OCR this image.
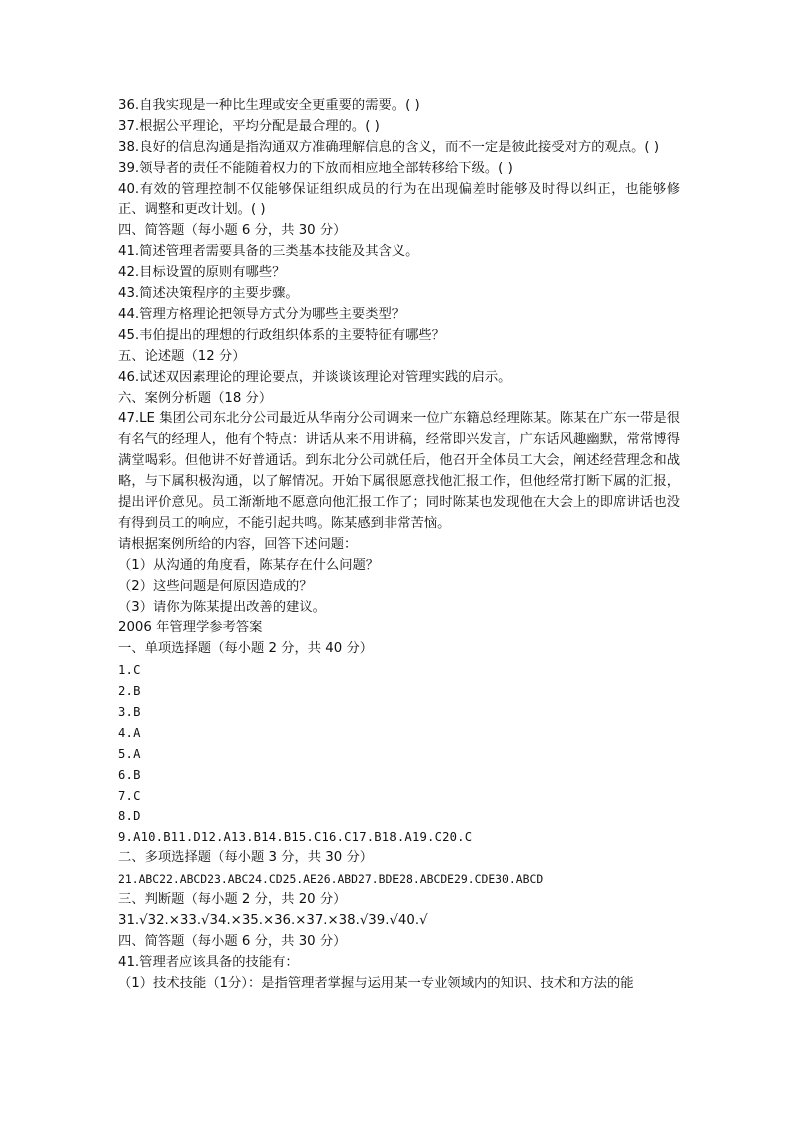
36.自我实现是一种比生理或安全更重要的需要。( )
37.根据公平理论，平均分配是最合理的。( )
38.良好的信息沟通是指沟通双方准确理解信息的含义，而不一定是彼此接受对方的观点。( )
39.领导者的责任不能随着权力的下放而相应地全部转移给下级。( )
40.有效的管理控制不仅能够保证组织成员的行为在出现偏差时能够及时得以纠正，也能够修正、调整和更改计划。( )
四、简答题（每小题 6 分，共 30 分）
41.简述管理者需要具备的三类基本技能及其含义。
42.目标设置的原则有哪些？
43.简述决策程序的主要步骤。
44.管理方格理论把领导方式分为哪些主要类型？
45.韦伯提出的理想的行政组织体系的主要特征有哪些？
五、论述题（12 分）
46.试述双因素理论的理论要点，并谈谈该理论对管理实践的启示。
六、案例分析题（18 分）
47.LE 集团公司东北分公司最近从华南分公司调来一位广东籍总经理陈某。陈某在广东一带是很有名气的经理人，他有个特点：讲话从来不用讲稿，经常即兴发言，广东话风趣幽默，常常博得满堂喝彩。但他讲不好普通话。到东北分公司就任后，他召开全体员工大会，阐述经营理念和战略，与下属积极沟通，以了解情况。开始下属很愿意找他汇报工作，但他经常打断下属的汇报，提出评价意见。员工渐渐地不愿意向他汇报工作了；同时陈某也发现他在大会上的即席讲话也没有得到员工的响应，不能引起共鸣。陈某感到非常苦恼。
请根据案例所给的内容，回答下述问题：
（1）从沟通的角度看，陈某存在什么问题？
（2）这些问题是何原因造成的？
（3）请你为陈某提出改善的建议。
2006 年管理学参考答案
一、单项选择题（每小题 2 分，共 40 分）
1.C
2.B
3.B
4.A
5.A
6.B
7.C
8.D
9.A10.B11.D12.A13.B14.B15.C16.C17.B18.A19.C20.C
二、多项选择题（每小题 3 分，共 30 分）
21.ABC22.ABCD23.ABC24.CD25.AE26.ABD27.BDE28.ABCDE29.CDE30.ABCD
三、判断题（每小题 2 分，共 20 分）
31.√32.×33.√34.×35.×36.×37.×38.√39.√40.√
四、简答题（每小题 6 分，共 30 分）
41.管理者应该具备的技能有：
（1）技术技能（1分）：是指管理者掌握与运用某一专业领域内的知识、技术和方法的能
